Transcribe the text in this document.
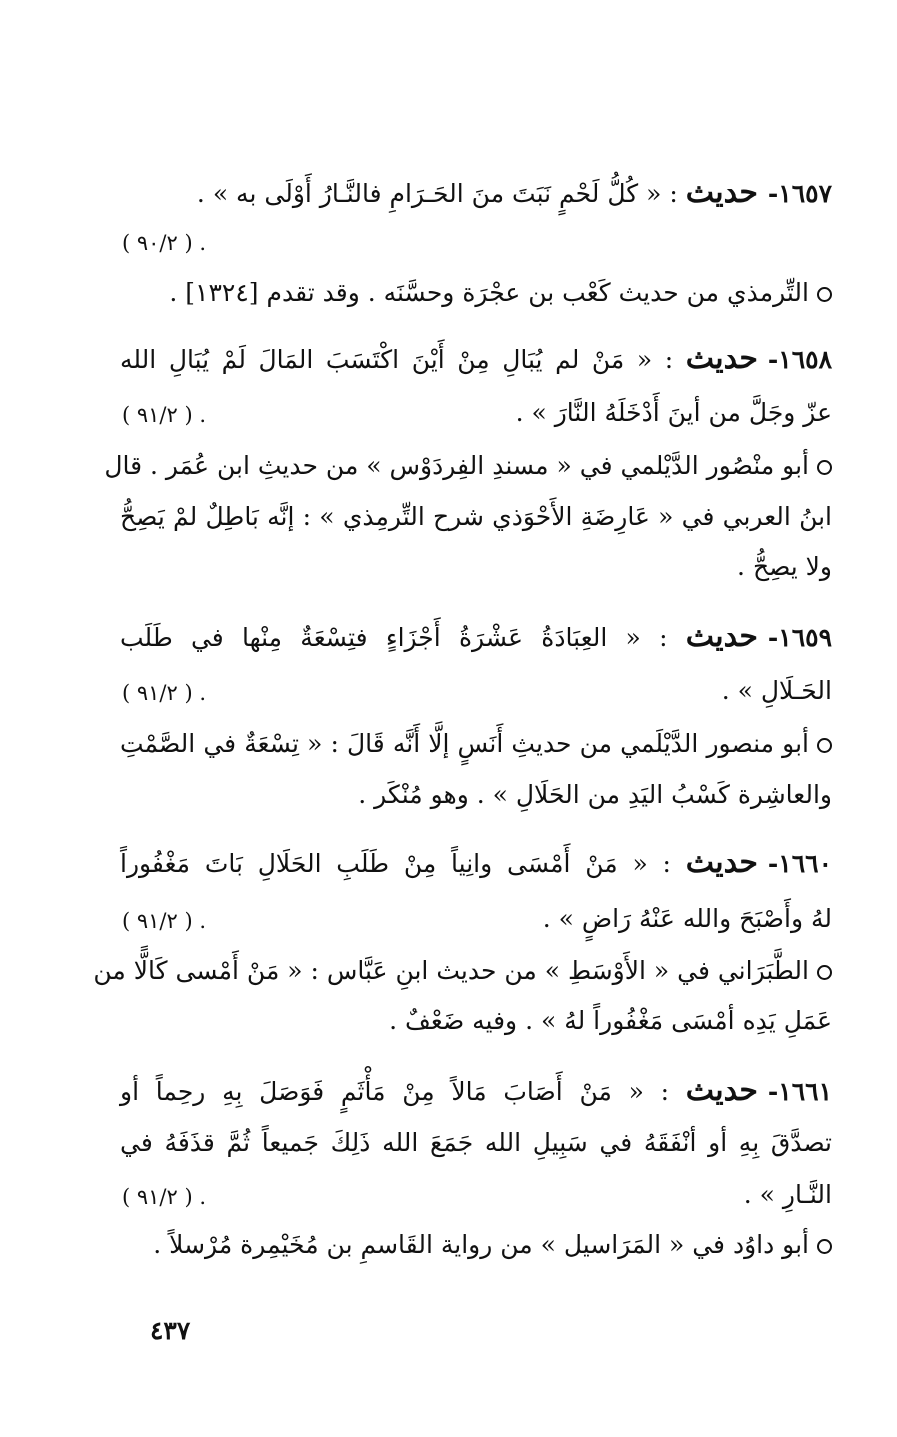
١٦٥٧-حديث : « كُلُّ لَحْمٍ نَبَتَ منَ الحَـرَامِ فالنَّـارُ أَوْلَى به » .
. ( ٩٠/٢ )
التِّرمذي من حديث كَعْب بن عجْرَة وحسَّنَه . وقد تقدم [١٣٢٤] .
١٦٥٨-حديث : « مَنْ لم يُبَالِ مِنْ أَيْنَ اكْتَسَبَ المَالَ لَمْ يُبَالِ الله
عزّ وجَلَّ من أينَ أَدْخَلَهُ النَّارَ » .
. ( ٩١/٢ )
أبو منْصُور الدَّيْلمي في « مسندِ الفِردَوْس » من حديثِ ابن عُمَر . قال
ابنُ العربي في « عَارِضَةِ الأَحْوَذي شرح التِّرمِذي » : إنَّه بَاطِلٌ لمْ يَصِحُّ
ولا يصِحُّ .
١٦٥٩-حديث : « العِبَادَةُ عَشْرَةُ أَجْزَاءٍ فتِسْعَةٌ مِنْها في طَلَب
الحَـلَالِ » .
. ( ٩١/٢ )
أبو منصور الدَّيْلَمي من حديثِ أَنَسٍ إلَّا أَنَّه قَالَ : « تِسْعَةٌ في الصَّمْتِ
والعاشِرة كَسْبُ اليَدِ من الحَلَالِ » . وهو مُنْكَر .
١٦٦٠-حديث : « مَنْ أَمْسَى وانِياً مِنْ طَلَبِ الحَلَالِ بَاتَ مَغْفُوراً
لهُ وأَصْبَحَ والله عَنْهُ رَاضٍ » .
. ( ٩١/٢ )
الطَّبَرَاني في « الأَوْسَطِ » من حديث ابنِ عَبَّاس : « مَنْ أَمْسى كَالًّا من
عَمَلِ يَدِه أمْسَى مَغْفُوراً لهُ » . وفيه ضَعْفٌ .
١٦٦١-حديث : « مَنْ أَصَابَ مَالاً مِنْ مَأْثَمٍ فَوَصَلَ بِهِ رحِماً أو
تصدَّقَ بِهِ أو أنْفَقَهُ في سَبِيلِ الله جَمَعَ الله ذَلِكَ جَميعاً ثُمَّ قذَفَهُ في
النَّـارِ » .
. ( ٩١/٢ )
أبو داوُد في « المَرَاسيل » من رواية القَاسمِ بن مُخَيْمِرة مُرْسلاً .
٤٣٧
